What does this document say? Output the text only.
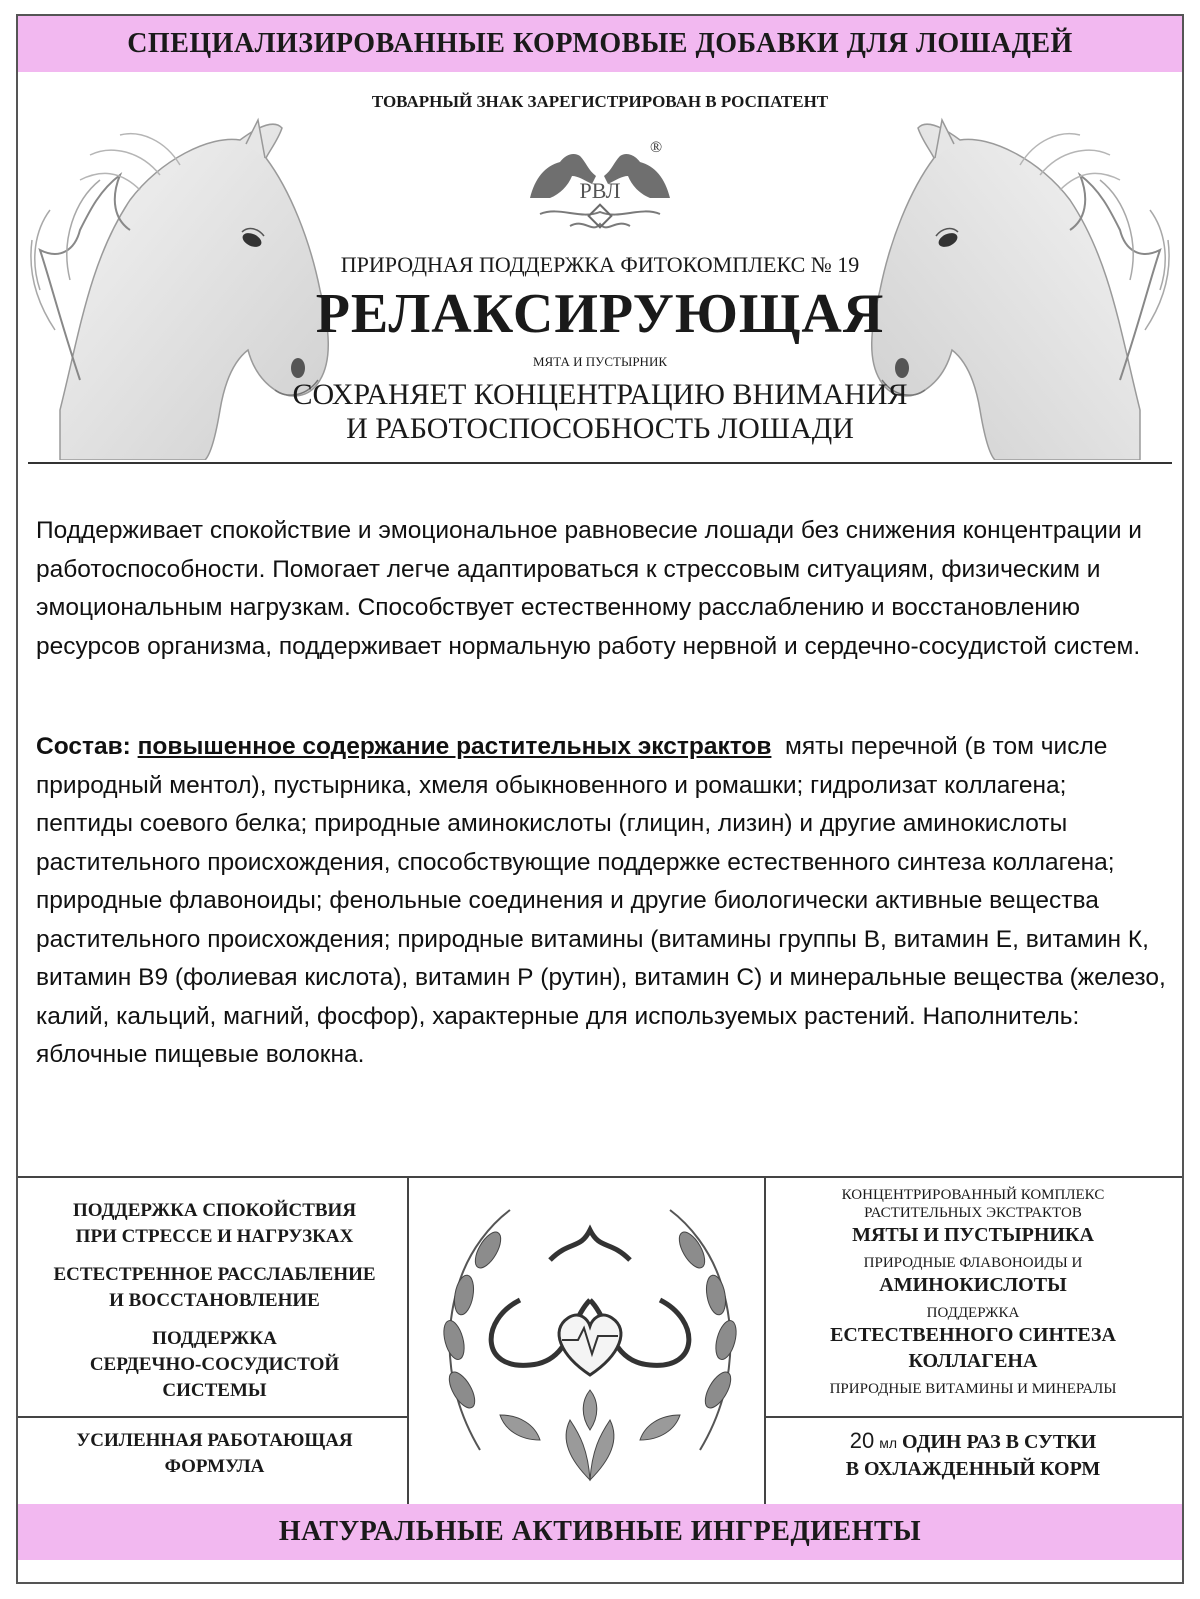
СПЕЦИАЛИЗИРОВАННЫЕ КОРМОВЫЕ ДОБАВКИ ДЛЯ ЛОШАДЕЙ
ТОВАРНЫЙ ЗНАК ЗАРЕГИСТРИРОВАН В РОСПАТЕНТ
РВЛ
®
ПРИРОДНАЯ ПОДДЕРЖКА ФИТОКОМПЛЕКС № 19
РЕЛАКСИРУЮЩАЯ
МЯТА И ПУСТЫРНИК
СОХРАНЯЕТ КОНЦЕНТРАЦИЮ ВНИМАНИЯ
И РАБОТОСПОСОБНОСТЬ ЛОШАДИ
Поддерживает спокойствие и эмоциональное равновесие лошади без снижения концентрации и работоспособности. Помогает легче адаптироваться к стрессовым ситуациям, физическим и эмоциональным нагрузкам. Способствует естественному расслаблению и восстановлению ресурсов организма, поддерживает нормальную работу нервной и сердечно-сосудистой систем.
Состав: повышенное содержание растительных экстрактов мяты перечной (в том числе природный ментол), пустырника, хмеля обыкновенного и ромашки; гидролизат коллагена; пептиды соевого белка; природные аминокислоты (глицин, лизин) и другие аминокислоты растительного происхождения, способствующие поддержке естественного синтеза коллагена; природные флавоноиды; фенольные соединения и другие биологически активные вещества растительного происхождения; природные витамины (витамины группы В, витамин Е, витамин К, витамин В9 (фолиевая кислота), витамин Р (рутин), витамин С) и минеральные вещества (железо, калий, кальций, магний, фосфор), характерные для используемых растений. Наполнитель: яблочные пищевые волокна.
ПОДДЕРЖКА СПОКОЙСТВИЯ
ПРИ СТРЕССЕ И НАГРУЗКАХ
ЕСТЕСТРЕННОЕ РАССЛАБЛЕНИЕ
И ВОССТАНОВЛЕНИЕ
ПОДДЕРЖКА
СЕРДЕЧНО-СОСУДИСТОЙ
СИСТЕМЫ
УСИЛЕННАЯ РАБОТАЮЩАЯ
ФОРМУЛА
КОНЦЕНТРИРОВАННЫЙ КОМПЛЕКС
РАСТИТЕЛЬНЫХ ЭКСТРАКТОВ
МЯТЫ И ПУСТЫРНИКА
ПРИРОДНЫЕ ФЛАВОНОИДЫ И
АМИНОКИСЛОТЫ
ПОДДЕРЖКА
ЕСТЕСТВЕННОГО СИНТЕЗА
КОЛЛАГЕНА
ПРИРОДНЫЕ ВИТАМИНЫ И МИНЕРАЛЫ
20 мл ОДИН РАЗ В СУТКИ
В ОХЛАЖДЕННЫЙ КОРМ
НАТУРАЛЬНЫЕ АКТИВНЫЕ ИНГРЕДИЕНТЫ
